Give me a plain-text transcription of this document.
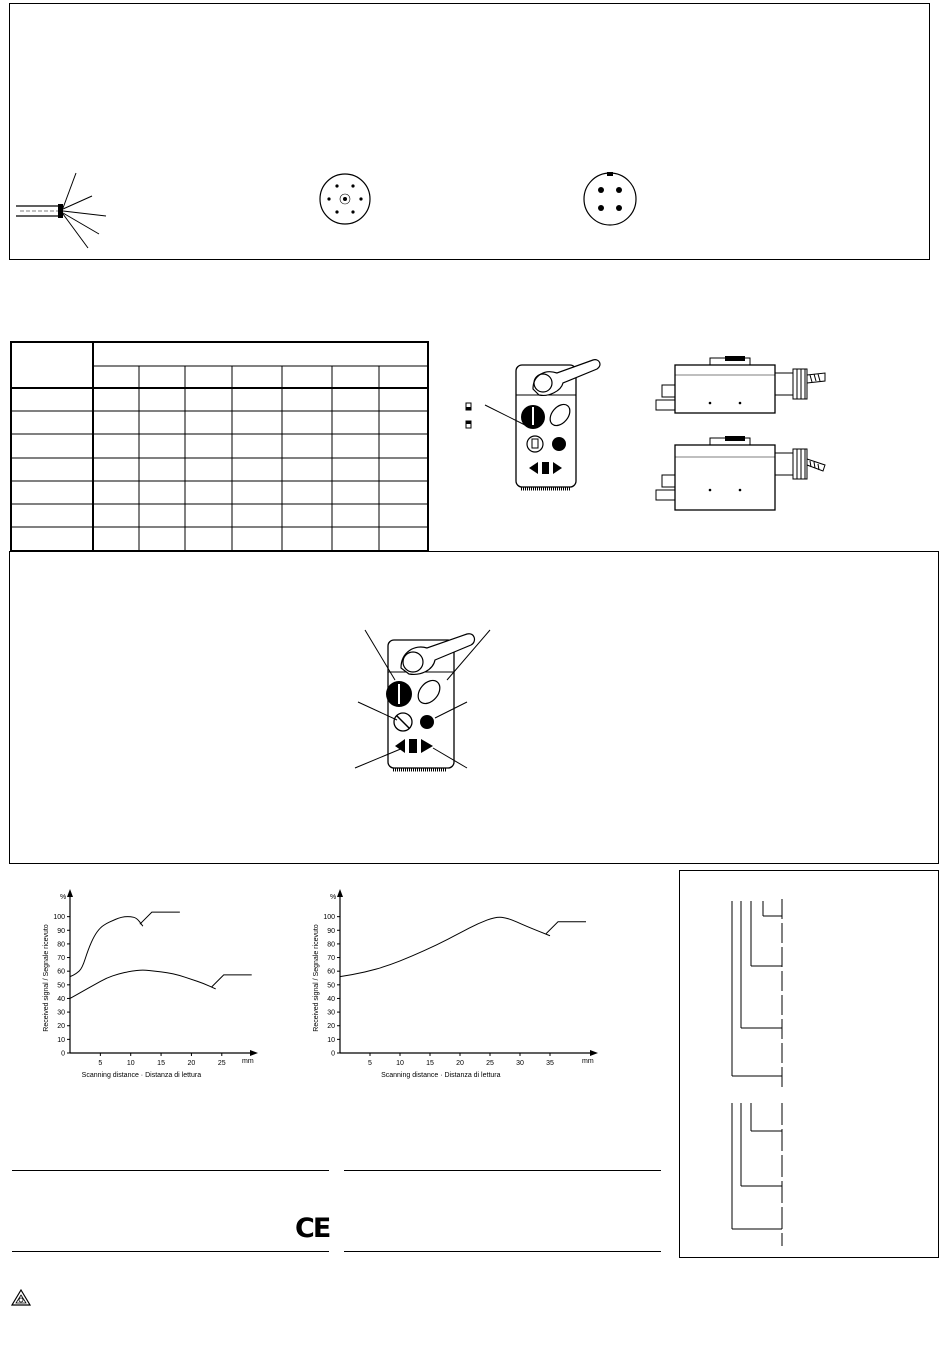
0
10
20
30
40
50
60
70
80
90
100
5	10	15	20	25
%
mm
Scanning distance · Distanza di lettura
Received signal / Segnale ricevuto
0
10
20
30
40
50
60
70
80
90
100
5	10	15	20	25	30	35
%
mm
Scanning distance · Distanza di lettura
Received signal / Segnale ricevuto
CE
